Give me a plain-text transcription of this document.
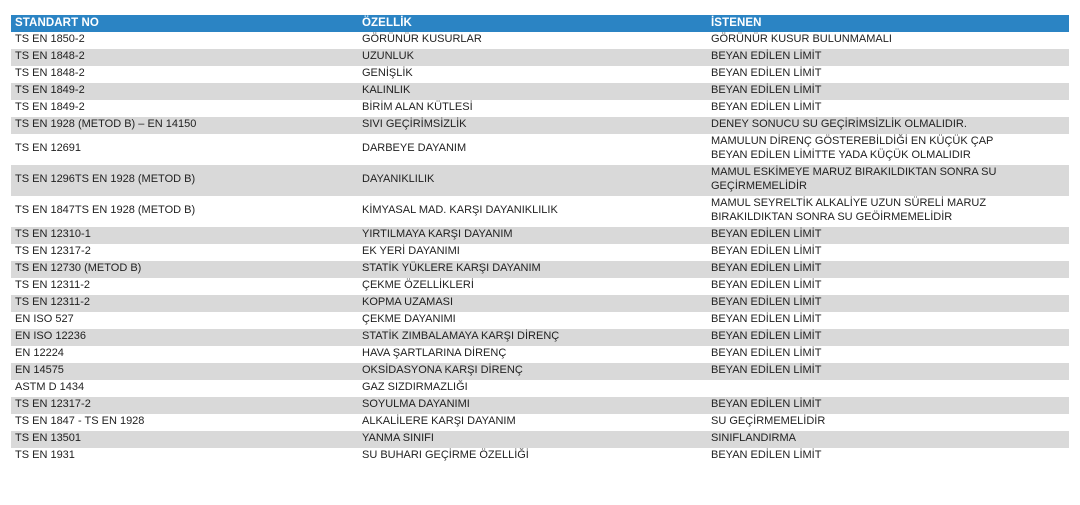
STANDART NO	ÖZELLİK	İSTENEN
TS EN 1850-2	GÖRÜNÜR KUSURLAR	GÖRÜNÜR KUSUR BULUNMAMALI
TS EN 1848-2	UZUNLUK	BEYAN EDİLEN LİMİT
TS EN 1848-2	GENİŞLİK	BEYAN EDİLEN LİMİT
TS EN 1849-2	KALINLIK	BEYAN EDİLEN LİMİT
TS EN 1849-2	BİRİM ALAN KÜTLESİ	BEYAN EDİLEN LİMİT
TS EN 1928 (METOD B) – EN 14150	SIVI GEÇİRİMSİZLİK	DENEY SONUCU SU GEÇİRİMSİZLİK OLMALIDIR.
TS EN 12691	DARBEYE DAYANIM	MAMULUN DİRENÇ GÖSTEREBİLDİĞİ EN KÜÇÜK ÇAP BEYAN EDİLEN LİMİTTE YADA KÜÇÜK OLMALIDIR
TS EN 1296TS EN 1928 (METOD B)	DAYANIKLILIK	MAMUL ESKİMEYE MARUZ BIRAKILDIKTAN SONRA SU GEÇİRMEMELİDİR
TS EN 1847TS EN 1928 (METOD B)	KİMYASAL MAD. KARŞI DAYANIKLILIK	MAMUL SEYRELTİK ALKALİYE UZUN SÜRELİ MARUZ BIRAKILDIKTAN SONRA SU GEÖİRMEMELİDİR
TS EN 12310-1	YIRTILMAYA KARŞI DAYANIM	BEYAN EDİLEN LİMİT
TS EN 12317-2	EK YERİ DAYANIMI	BEYAN EDİLEN LİMİT
TS EN 12730 (METOD B)	STATİK YÜKLERE KARŞI DAYANIM	BEYAN EDİLEN LİMİT
TS EN 12311-2	ÇEKME ÖZELLİKLERİ	BEYAN EDİLEN LİMİT
TS EN 12311-2	KOPMA UZAMASI	BEYAN EDİLEN LİMİT
EN ISO 527	ÇEKME DAYANIMI	BEYAN EDİLEN LİMİT
EN ISO 12236	STATİK ZIMBALAMAYA KARŞI DİRENÇ	BEYAN EDİLEN LİMİT
EN 12224	HAVA ŞARTLARINA DİRENÇ	BEYAN EDİLEN LİMİT
EN 14575	OKSİDASYONA KARŞI DİRENÇ	BEYAN EDİLEN LİMİT
ASTM D 1434	GAZ SIZDIRMAZLIĞI	
TS EN 12317-2	SOYULMA DAYANIMI	BEYAN EDİLEN LİMİT
TS EN 1847 - TS EN 1928	ALKALİLERE KARŞI DAYANIM	SU GEÇİRMEMELİDİR
TS EN 13501	YANMA SINIFI	SINIFLANDIRMA
TS EN 1931	SU BUHARI GEÇİRME ÖZELLİĞİ	BEYAN EDİLEN LİMİT
